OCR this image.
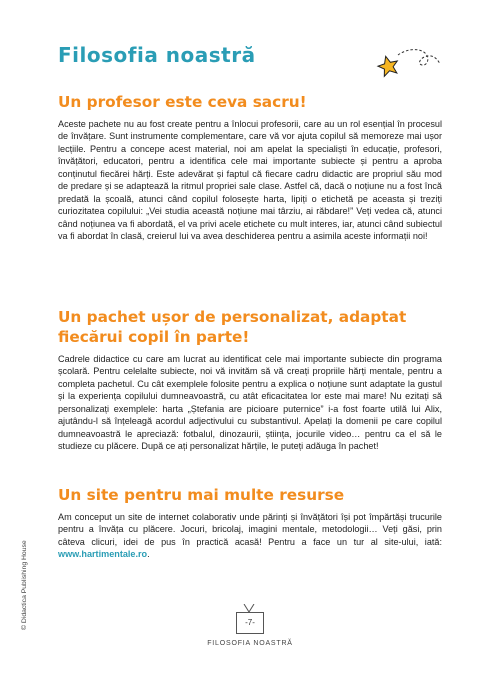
Filosofia noastră
Un profesor este ceva sacru!

Aceste pachete nu au fost create pentru a înlocui profesorii, care au un rol esențial în procesul de învățare. Sunt instrumente complementare, care vă vor ajuta copilul să memoreze mai ușor lecțiile. Pentru a concepe acest material, noi am apelat la specialiști în educație, profesori, învățători, educatori, pentru a identifica cele mai importante subiecte și pentru a aproba conținutul fiecărei hărți. Este adevărat și faptul că fiecare cadru didactic are propriul său mod de predare și se adaptează la ritmul propriei sale clase. Astfel că, dacă o noțiune nu a fost încă predată la școală, atunci când copilul folosește harta, lipiți o etichetă pe aceasta și treziți curiozitatea copilului: „Vei studia această noțiune mai târziu, ai răbdare!” Veți vedea că, atunci când noțiunea va fi abordată, el va privi acele etichete cu mult interes, iar, atunci când subiectul va fi abordat în clasă, creierul lui va avea deschiderea pentru a asimila aceste informații noi!

Un pachet ușor de personalizat, adaptat fiecărui copil în parte!

Cadrele didactice cu care am lucrat au identificat cele mai importante subiecte din programa școlară. Pentru celelalte subiecte, noi vă invităm să vă creați propriile hărți mentale, pentru a completa pachetul. Cu cât exemplele folosite pentru a explica o noțiune sunt adaptate la gustul și la experiența copilului dumneavoastră, cu atât eficacitatea lor este mai mare! Nu ezitați să personalizați exemplele: harta „Ștefania are picioare puternice” i-a fost foarte utilă lui Alix, ajutându-l să înțeleagă acordul adjectivului cu substantivul. Apelați la domenii pe care copilul dumneavoastră le apreciază: fotbalul, dinozaurii, știința, jocurile video… pentru ca el să le studieze cu plăcere. După ce ați personalizat hărțile, le puteți adăuga în pachet!

Un site pentru mai multe resurse

Am conceput un site de internet colaborativ unde părinți și învățători își pot împărtăși trucurile pentru a învăța cu plăcere. Jocuri, bricolaj, imagini mentale, metodologii… Veți găsi, prin câteva clicuri, idei de pus în practică acasă! Pentru a face un tur al site-ului, iată: www.hartimentale.ro.

© Didactica Publishing House	-7-
FILOSOFIA NOASTRĂ
